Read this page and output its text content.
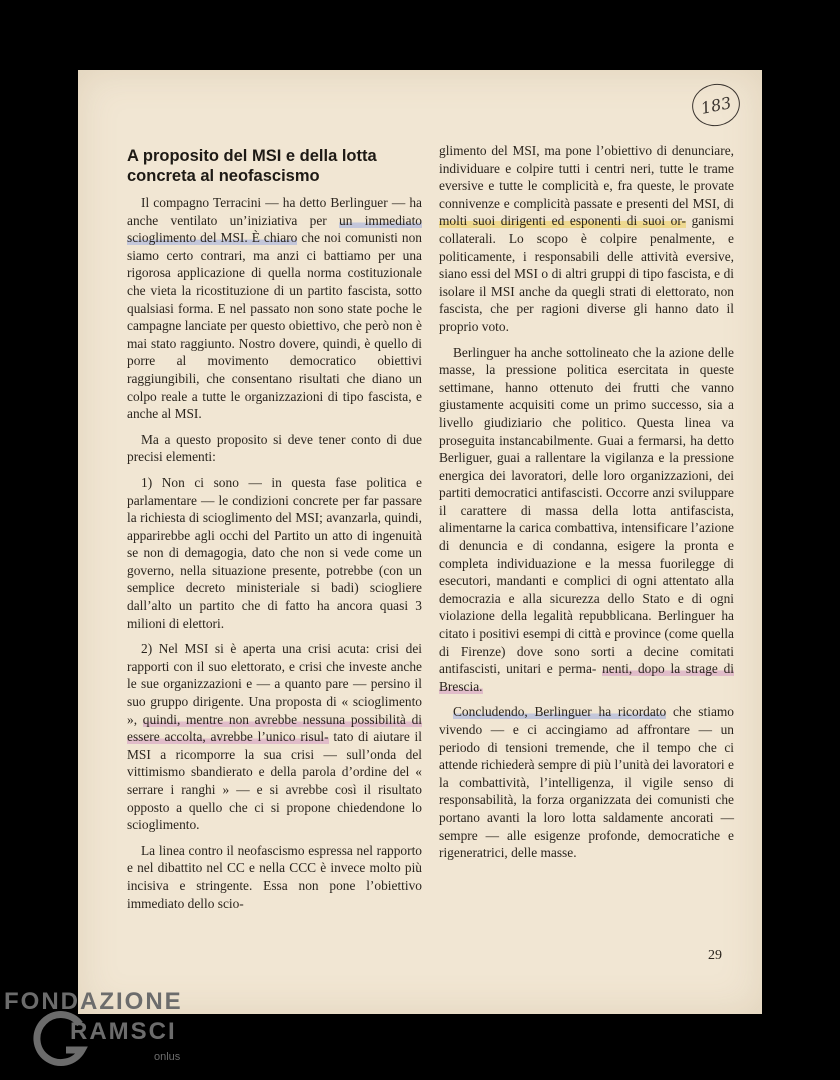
183
A proposito del MSI e della lotta concreta al neofascismo

Il compagno Terracini — ha detto Berlinguer — ha anche ventilato un’iniziativa per un immediato scioglimento del MSI. È chiaro che noi comunisti non siamo certo contrari, ma anzi ci battiamo per una rigorosa applicazione di quella norma costituzionale che vieta la ricostituzione di un partito fascista, sotto qualsiasi forma. E nel passato non sono state poche le campagne lanciate per questo obiettivo, che però non è mai stato raggiunto. Nostro dovere, quindi, è quello di porre al movimento democratico obiettivi raggiungibili, che consentano risultati che diano un colpo reale a tutte le organizzazioni di tipo fascista, e anche al MSI.

Ma a questo proposito si deve tener conto di due precisi elementi:

1) Non ci sono — in questa fase politica e parlamentare — le condizioni concrete per far passare la richiesta di scioglimento del MSI; avanzarla, quindi, apparirebbe agli occhi del Partito un atto di ingenuità se non di demagogia, dato che non si vede come un governo, nella situazione presente, potrebbe (con un semplice decreto ministeriale si badi) sciogliere dall’alto un partito che di fatto ha ancora quasi 3 milioni di elettori.

2) Nel MSI si è aperta una crisi acuta: crisi dei rapporti con il suo elettorato, e crisi che investe anche le sue organizzazioni e — a quanto pare — persino il suo gruppo dirigente. Una proposta di « scioglimento », quindi, mentre non avrebbe nessuna possibilità di essere accolta, avrebbe l’unico risul- tato di aiutare il MSI a ricomporre la sua crisi — sull’onda del vittimismo sbandierato e della parola d’ordine del « serrare i ranghi » — e si avrebbe così il risultato opposto a quello che ci si propone chiedendone lo scioglimento.

La linea contro il neofascismo espressa nel rapporto e nel dibattito nel CC e nella CCC è invece molto più incisiva e stringente. Essa non pone l’obiettivo immediato dello scio-

glimento del MSI, ma pone l’obiettivo di denunciare, individuare e colpire tutti i centri neri, tutte le trame eversive e tutte le complicità e, fra queste, le provate connivenze e complicità passate e presenti del MSI, di molti suoi dirigenti ed esponenti di suoi or- ganismi collaterali. Lo scopo è colpire penalmente, e politicamente, i responsabili delle attività eversive, siano essi del MSI o di altri gruppi di tipo fascista, e di isolare il MSI anche da quegli strati di elettorato, non fascista, che per ragioni diverse gli hanno dato il proprio voto.

Berlinguer ha anche sottolineato che la azione delle masse, la pressione politica esercitata in queste settimane, hanno ottenuto dei frutti che vanno giustamente acquisiti come un primo successo, sia a livello giudiziario che politico. Questa linea va proseguita instancabilmente. Guai a fermarsi, ha detto Berliguer, guai a rallentare la vigilanza e la pressione energica dei lavoratori, delle loro organizzazioni, dei partiti democratici antifascisti. Occorre anzi sviluppare il carattere di massa della lotta antifascista, alimentarne la carica combattiva, intensificare l’azione di denuncia e di condanna, esigere la pronta e completa individuazione e la messa fuorilegge di esecutori, mandanti e complici di ogni attentato alla democrazia e alla sicurezza dello Stato e di ogni violazione della legalità repubblicana. Berlinguer ha citato i positivi esempi di città e province (come quella di Firenze) dove sono sorti a decine comitati antifascisti, unitari e perma- nenti, dopo la strage di Brescia.

Concludendo, Berlinguer ha ricordato che stiamo vivendo — e ci accingiamo ad affrontare — un periodo di tensioni tremende, che il tempo che ci attende richiederà sempre di più l’unità dei lavoratori e la combattività, l’intelligenza, il vigile senso di responsabilità, la forza organizzata dei comunisti che portano avanti la loro lotta saldamente ancorati — sempre — alle esigenze profonde, democratiche e rigeneratrici, delle masse.

29
FONDAZIONE
RAMSCI
onlus
